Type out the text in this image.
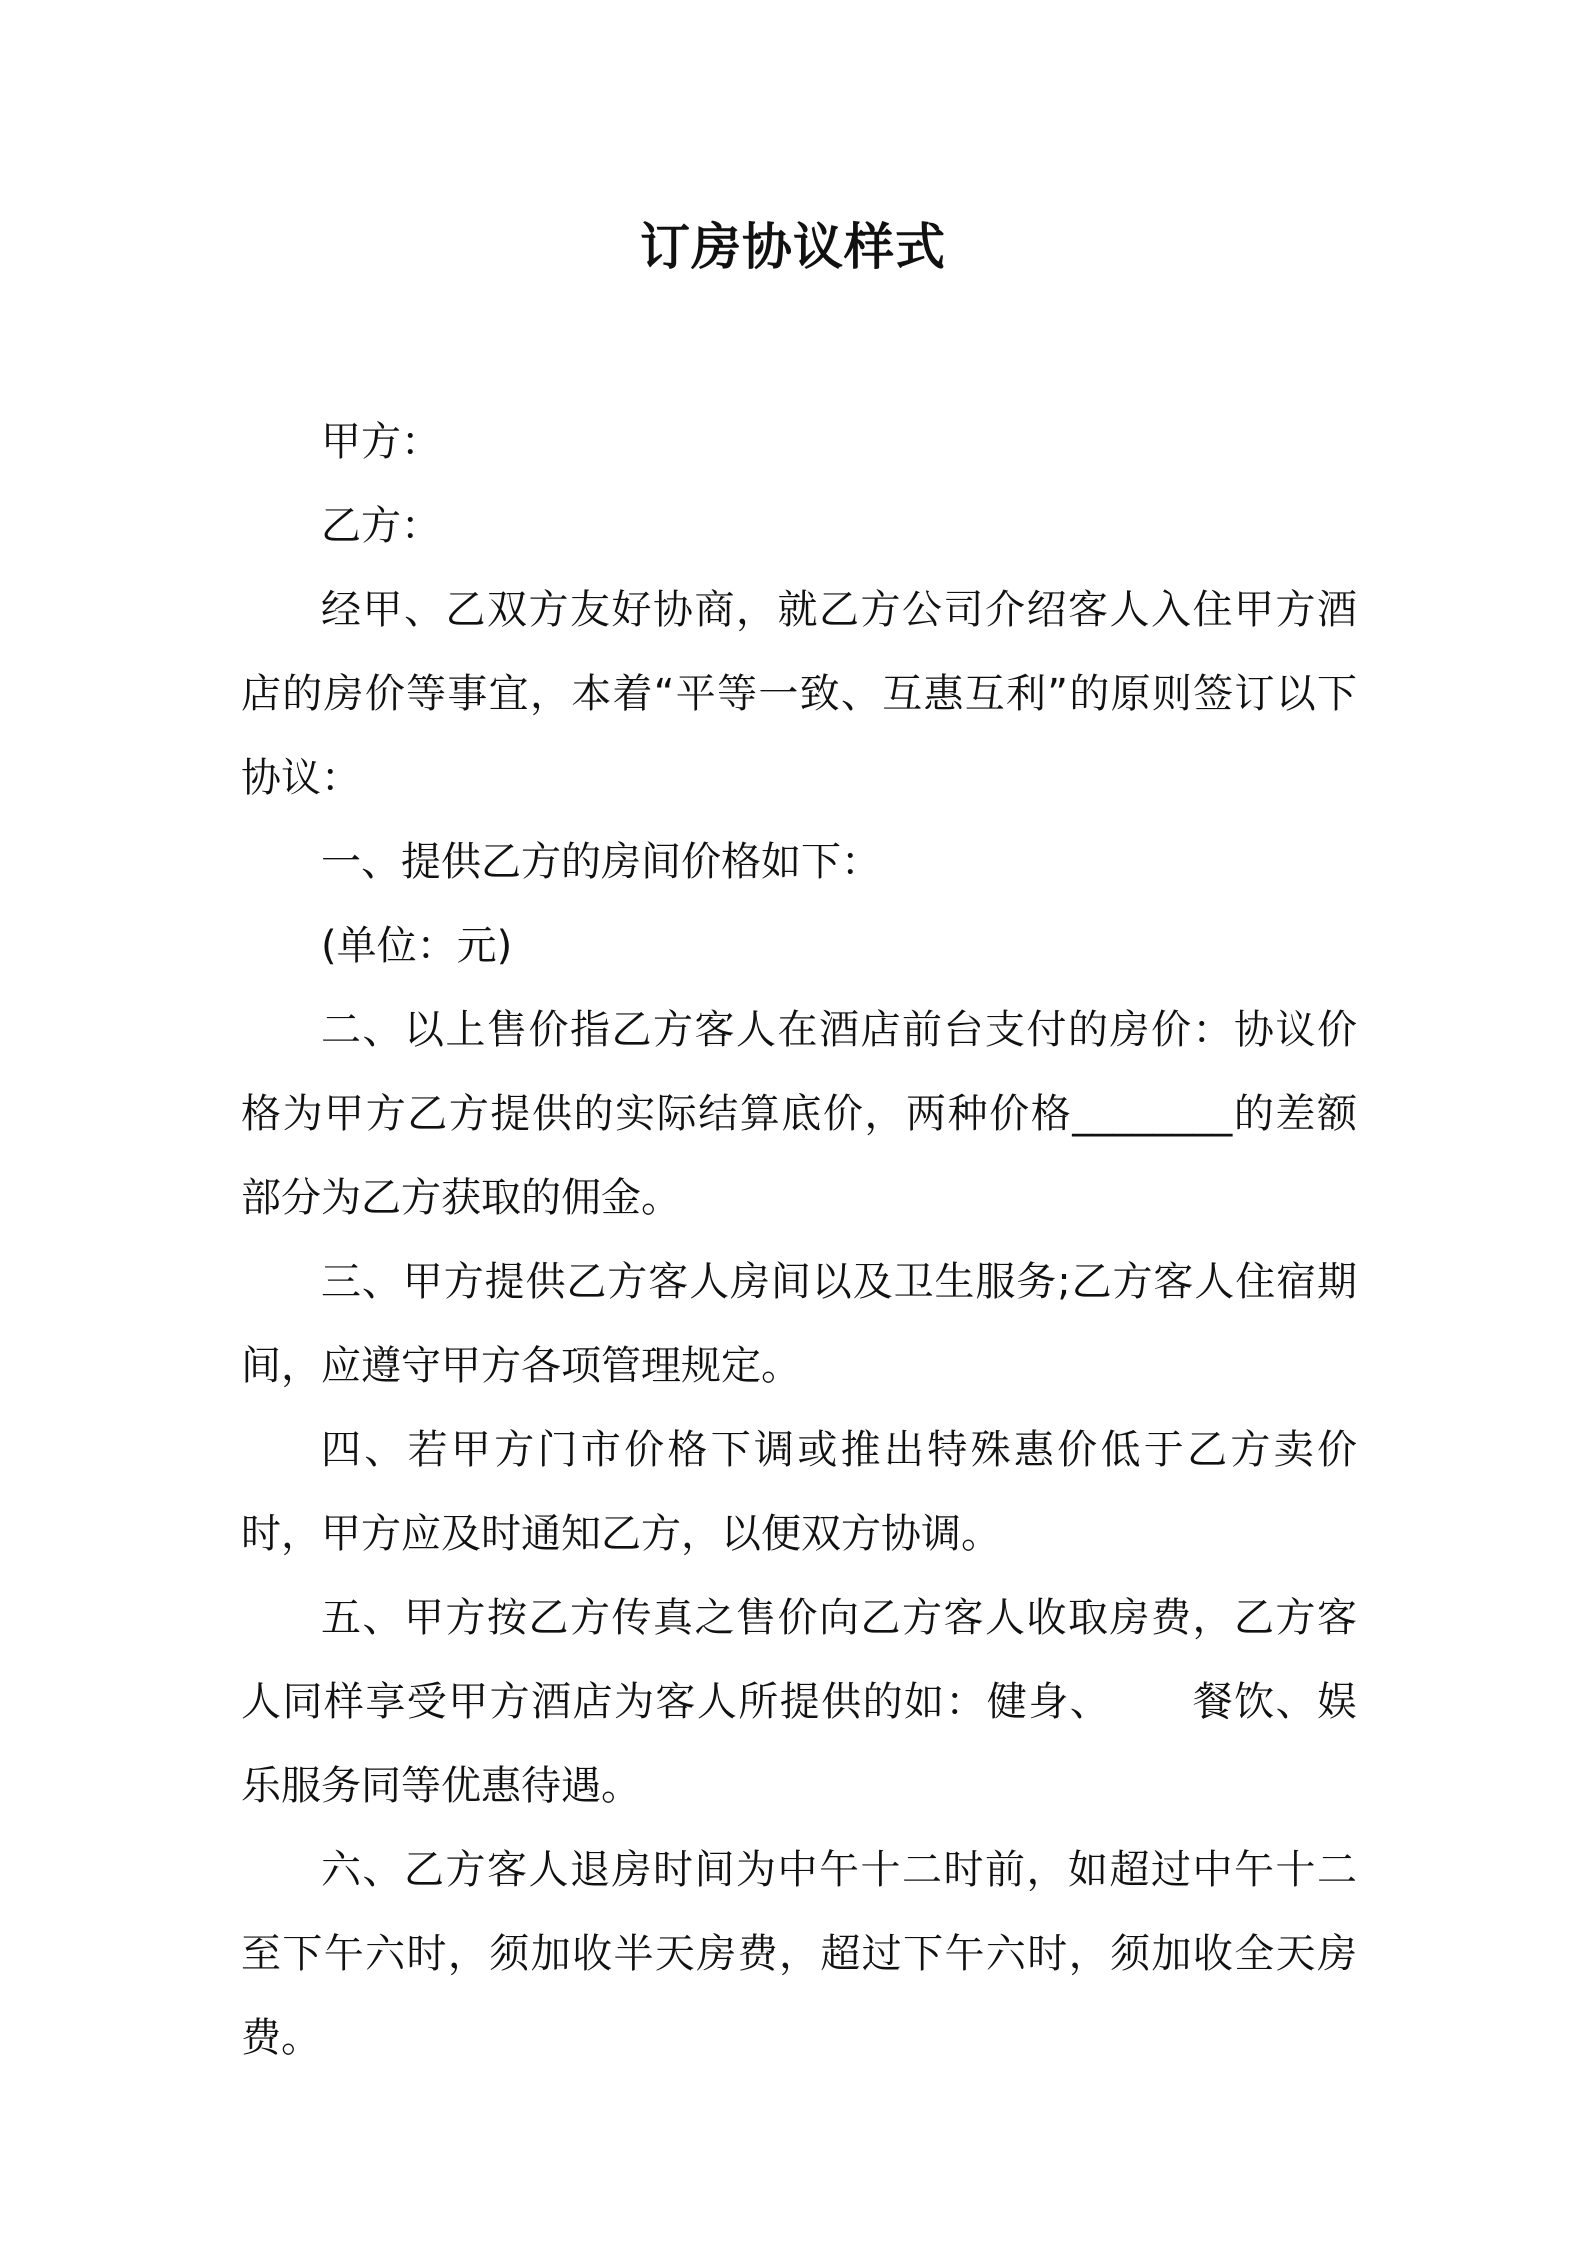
订房协议样式

甲方：

乙方：

经甲、乙双方友好协商，就乙方公司介绍客人入住甲方酒店的房价等事宜，本着“平等一致、互惠互利”的原则签订以下协议：

一、提供乙方的房间价格如下：

(单位：元)

二、以上售价指乙方客人在酒店前台支付的房价：协议价格为甲方乙方提供的实际结算底价，两种价格________的差额部分为乙方获取的佣金。

三、甲方提供乙方客人房间以及卫生服务;乙方客人住宿期间，应遵守甲方各项管理规定。

四、若甲方门市价格下调或推出特殊惠价低于乙方卖价时，甲方应及时通知乙方，以便双方协调。

五、甲方按乙方传真之售价向乙方客人收取房费，乙方客人同样享受甲方酒店为客人所提供的如：健身、 餐饮、娱乐服务同等优惠待遇。

六、乙方客人退房时间为中午十二时前，如超过中午十二至下午六时，须加收半天房费，超过下午六时，须加收全天房费。
